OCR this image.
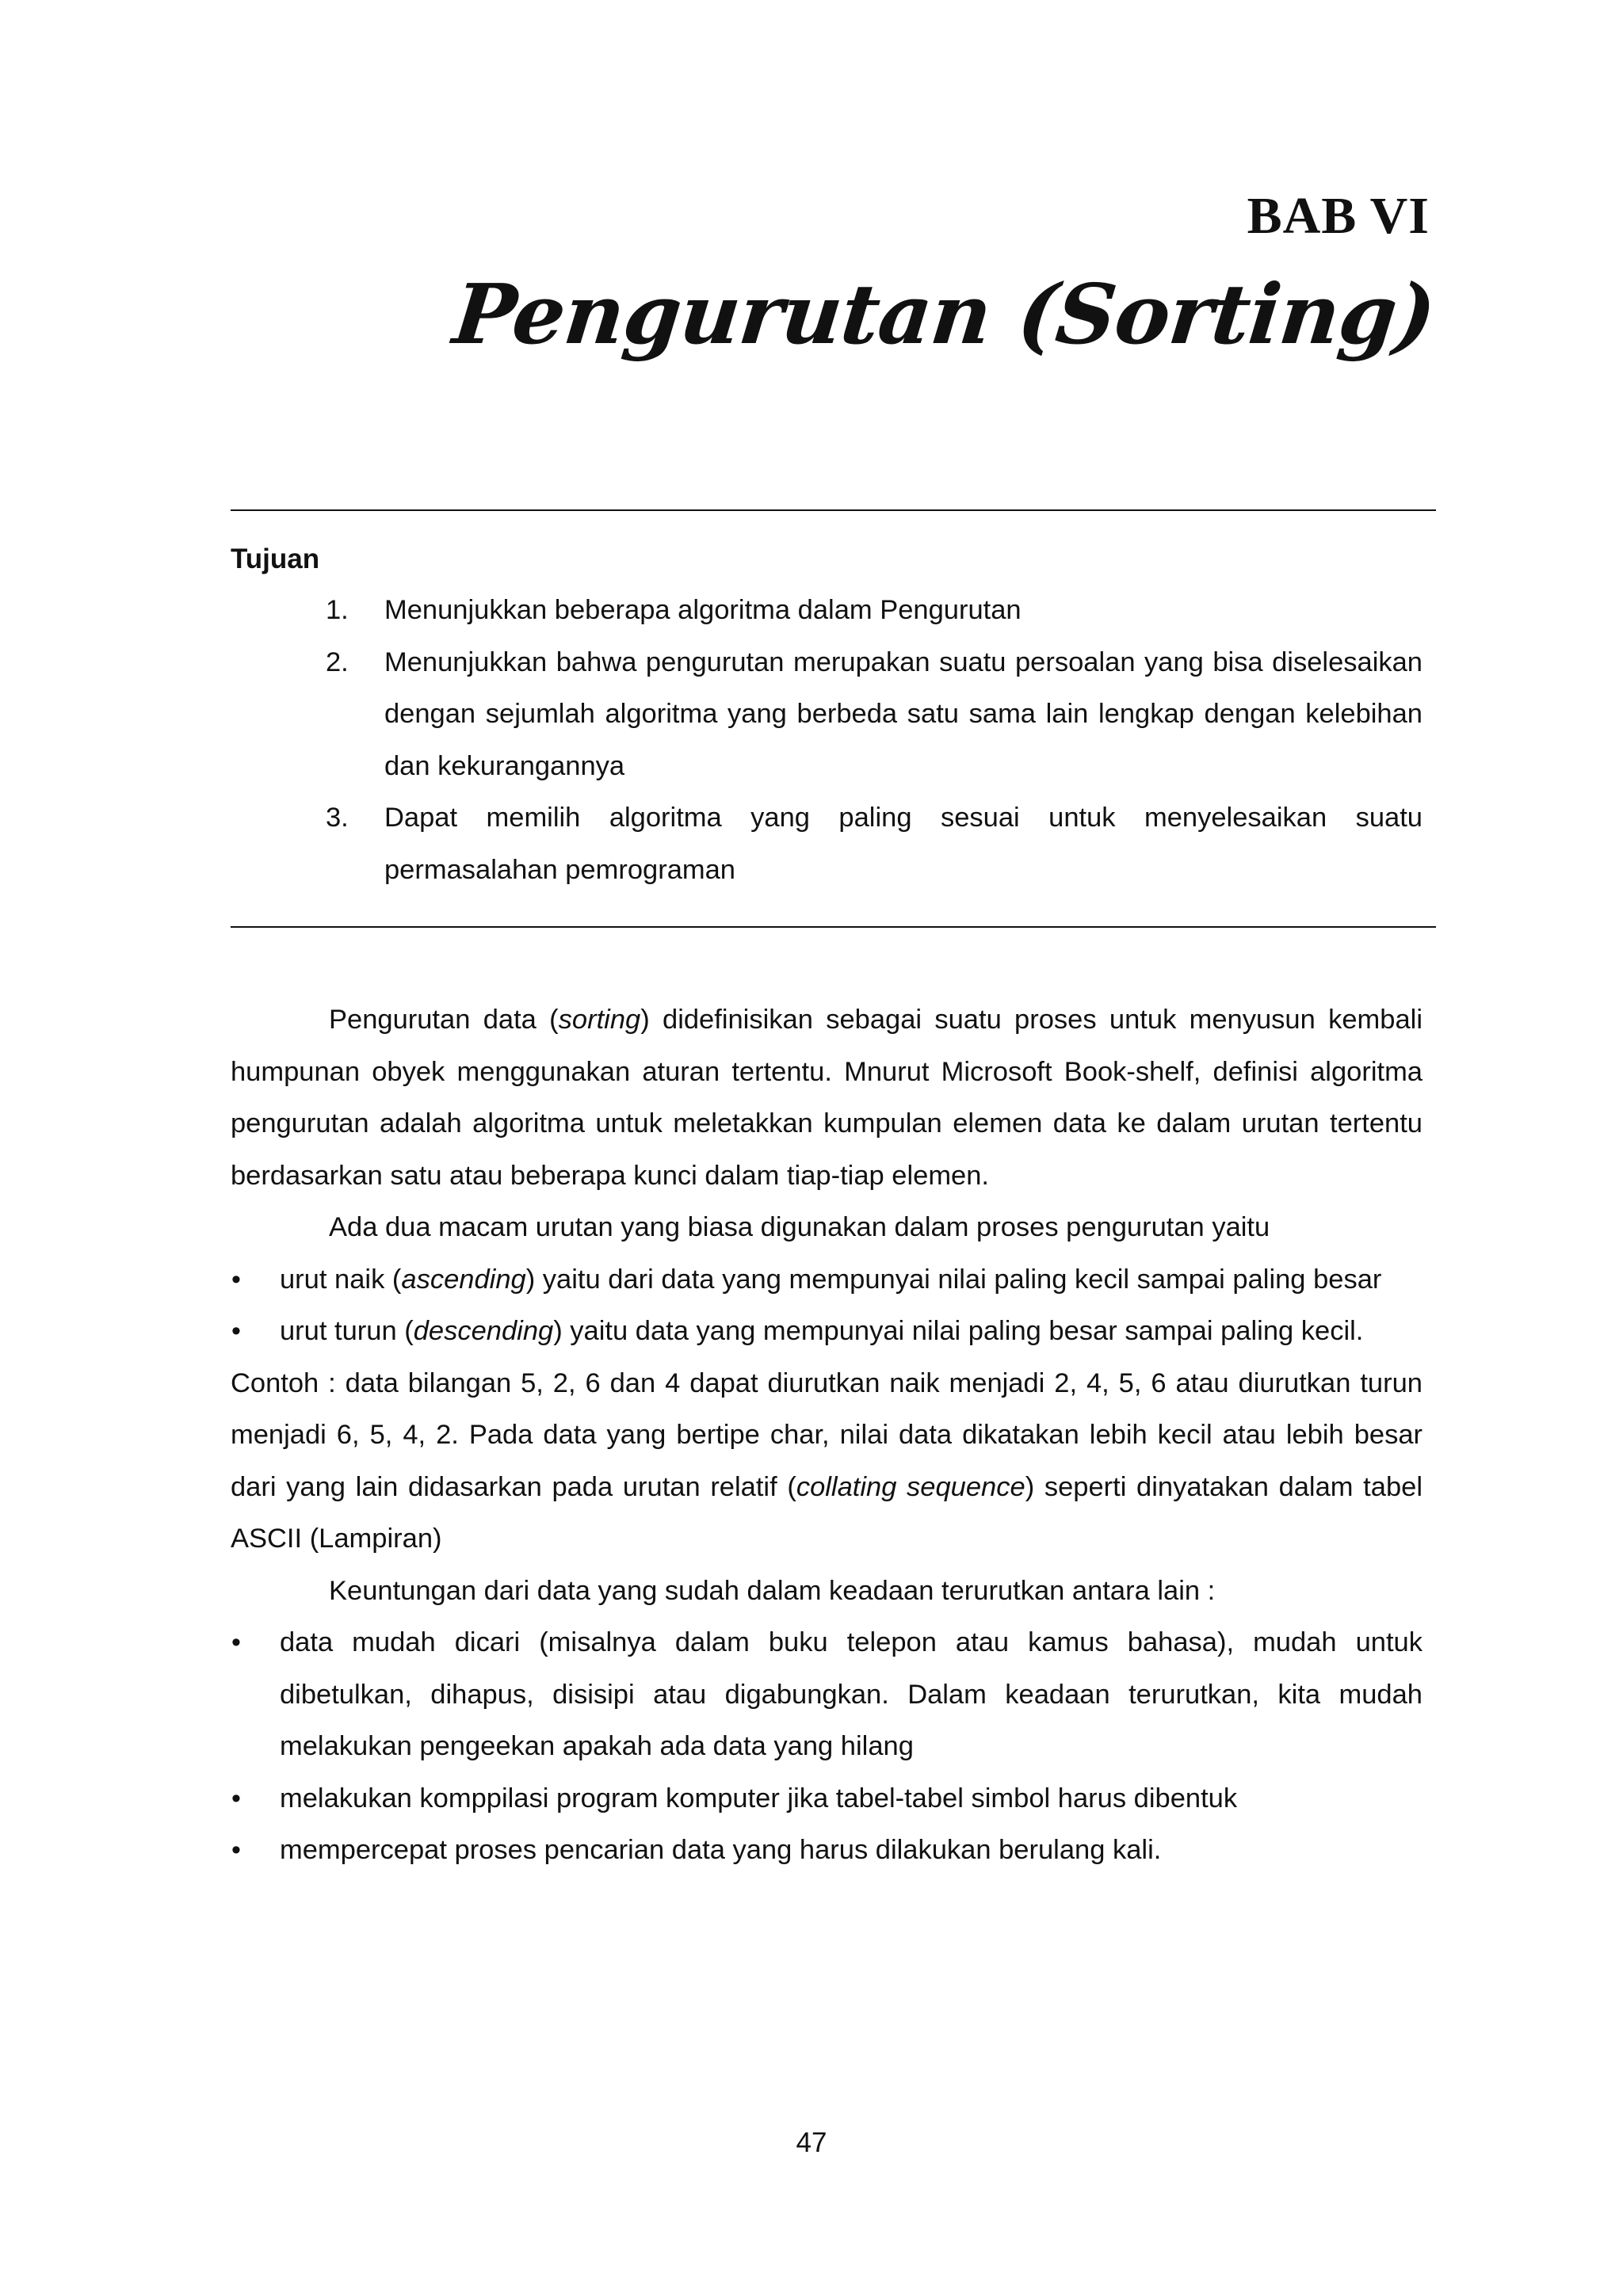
BAB VI
Pengurutan (Sorting)

Tujuan

1. Menunjukkan beberapa algoritma dalam Pengurutan
2. Menunjukkan bahwa pengurutan merupakan suatu persoalan yang bisa diselesaikan dengan sejumlah algoritma yang berbeda satu sama lain lengkap dengan kelebihan dan kekurangannya
3. Dapat memilih algoritma yang paling sesuai untuk menyelesaikan suatu permasalahan pemrograman

Pengurutan data (sorting) didefinisikan sebagai suatu proses untuk menyusun kembali humpunan obyek menggunakan aturan tertentu. Mnurut Microsoft Book-shelf, definisi algoritma pengurutan adalah algoritma untuk meletakkan kumpulan elemen data ke dalam urutan tertentu berdasarkan satu atau beberapa kunci dalam tiap-tiap elemen.

Ada dua macam urutan yang biasa digunakan dalam proses pengurutan yaitu

•
urut naik (ascending) yaitu dari data yang mempunyai nilai paling kecil sampai paling besar
•
urut turun (descending) yaitu data yang mempunyai nilai paling besar sampai paling kecil.

Contoh : data bilangan 5, 2, 6 dan 4 dapat diurutkan naik menjadi 2, 4, 5, 6 atau diurutkan turun menjadi 6, 5, 4, 2. Pada data yang bertipe char, nilai data dikatakan lebih kecil atau lebih besar dari yang lain didasarkan pada urutan relatif (collating sequence) seperti dinyatakan dalam tabel ASCII (Lampiran)

Keuntungan dari data yang sudah dalam keadaan terurutkan antara lain :

•
data mudah dicari (misalnya dalam buku telepon atau kamus bahasa), mudah untuk dibetulkan, dihapus, disisipi atau digabungkan. Dalam keadaan terurutkan, kita mudah melakukan pengeekan apakah ada data yang hilang
•
melakukan komppilasi program komputer jika tabel-tabel simbol harus dibentuk
•
mempercepat proses pencarian data yang harus dilakukan berulang kali.

47
